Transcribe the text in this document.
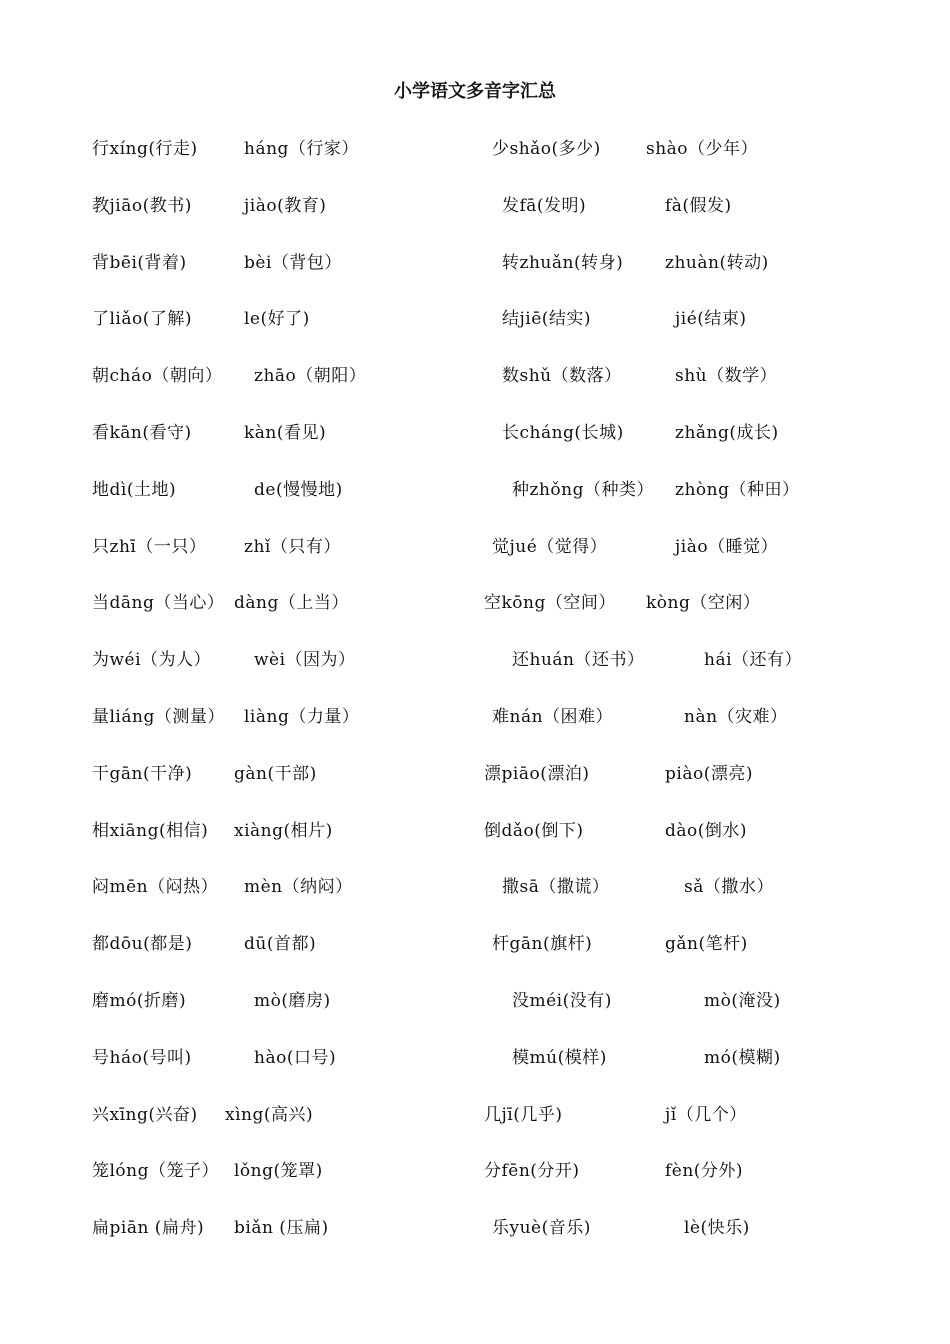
小学语文多音字汇总
行xíng(行走)	háng（行家）	少shǎo(多少)	shào（少年）
教jiāo(教书)	jiào(教育)	发fā(发明)	fà(假发)
背bēi(背着)	bèi（背包）	转zhuǎn(转身) zhuàn(转动)
了liǎo(了解)	le(好了)	结jiē(结实)	jié(结束)
朝cháo（朝向） zhāo（朝阳）	数shǔ（数落）	shù（数学）
看kān(看守)	kàn(看见)	长cháng(长城)	zhǎng(成长)
地dì(土地)	de(慢慢地)	种zhǒng（种类） zhòng（种田）
只zhī（一只） zhǐ（只有）	觉jué（觉得）	jiào（睡觉）
当dāng（当心） dàng（上当）	空kōng（空间） kòng（空闲）
为wéi（为人）	wèi（因为）	还huán（还书）	hái（还有）
量liáng（测量） liàng（力量）	难nán（困难）	nàn（灾难）
干gān(干净) gàn(干部)	漂piāo(漂泊)	piào(漂亮)
相xiāng(相信) xiàng(相片)	倒dǎo(倒下)	dào(倒水)
闷mēn（闷热） mèn（纳闷）	撒sā（撒谎）	sǎ（撒水）
都dōu(都是)	dū(首都)	杆gān(旗杆)	gǎn(笔杆)
磨mó(折磨)	mò(磨房)	没méi(没有)	mò(淹没)
号háo(号叫)	hào(口号)	模mú(模样)	mó(模糊)
兴xīng(兴奋) xìng(高兴)	几jī(几乎)	jǐ（几个）
笼lóng（笼子） lǒng(笼罩)	分fēn(分开)	fèn(分外)
扁piān (扁舟) biǎn (压扁)	乐yuè(音乐)	lè(快乐)
